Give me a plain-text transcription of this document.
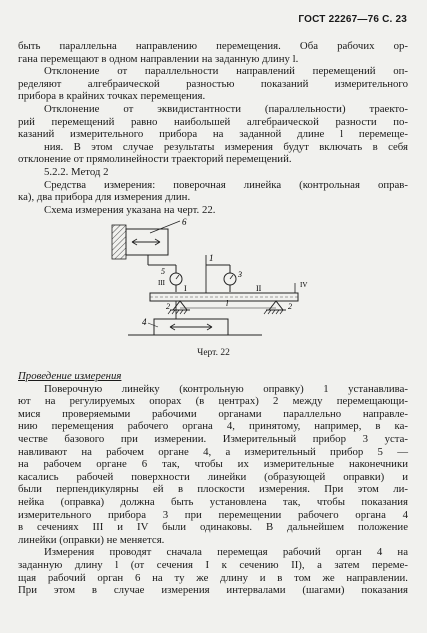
ГОСТ 22267—76 С. 23
быть параллельна направлению перемещения. Оба рабочих ор-
гана перемещают в одном направлении на заданную длину l.
Отклонение от параллельности направлений перемещений оп-
ределяют алгебраической разностью показаний измерительного
прибора в крайних точках перемещения.
Отклонение от эквидистантности (параллельности) траекто-
рий перемещений равно наибольшей алгебраической разности по-
казаний измерительного прибора на заданной длине l перемеще-
ния. В этом случае результаты измерения будут включать в себя
отклонение от прямолинейности траекторий перемещений.
5.2.2. Метод 2
Средства измерения: поверочная линейка (контрольная оправ-
ка), два прибора для измерения длин.
Схема измерения указана на черт. 22.
6
5
III
1
3
I	II	IV
2	2
l
4
Черт. 22
Проведение измерения
Поверочную линейку (контрольную оправку) 1 устанавлива-
ют на регулируемых опорах (в центрах) 2 между перемещающи-
мися проверяемыми рабочими органами параллельно направле-
нию перемещения рабочего органа 4, принятому, например, в ка-
честве базового при измерении. Измерительный прибор 3 уста-
навливают на рабочем органе 4, а измерительный прибор 5 —
на рабочем органе 6 так, чтобы их измерительные наконечники
касались рабочей поверхности линейки (образующей оправки) и
были перпендикулярны ей в плоскости измерения. При этом ли-
нейка (оправка) должна быть установлена так, чтобы показания
измерительного прибора 3 при перемещении рабочего органа 4
в сечениях III и IV были одинаковы. В дальнейшем положение
линейки (оправки) не меняется.
Измерения проводят сначала перемещая рабочий орган 4 на
заданную длину l (от сечения I к сечению II), а затем переме-
щая рабочий орган 6 на ту же длину и в том же направлении.
При этом в случае измерения интервалами (шагами) показания
